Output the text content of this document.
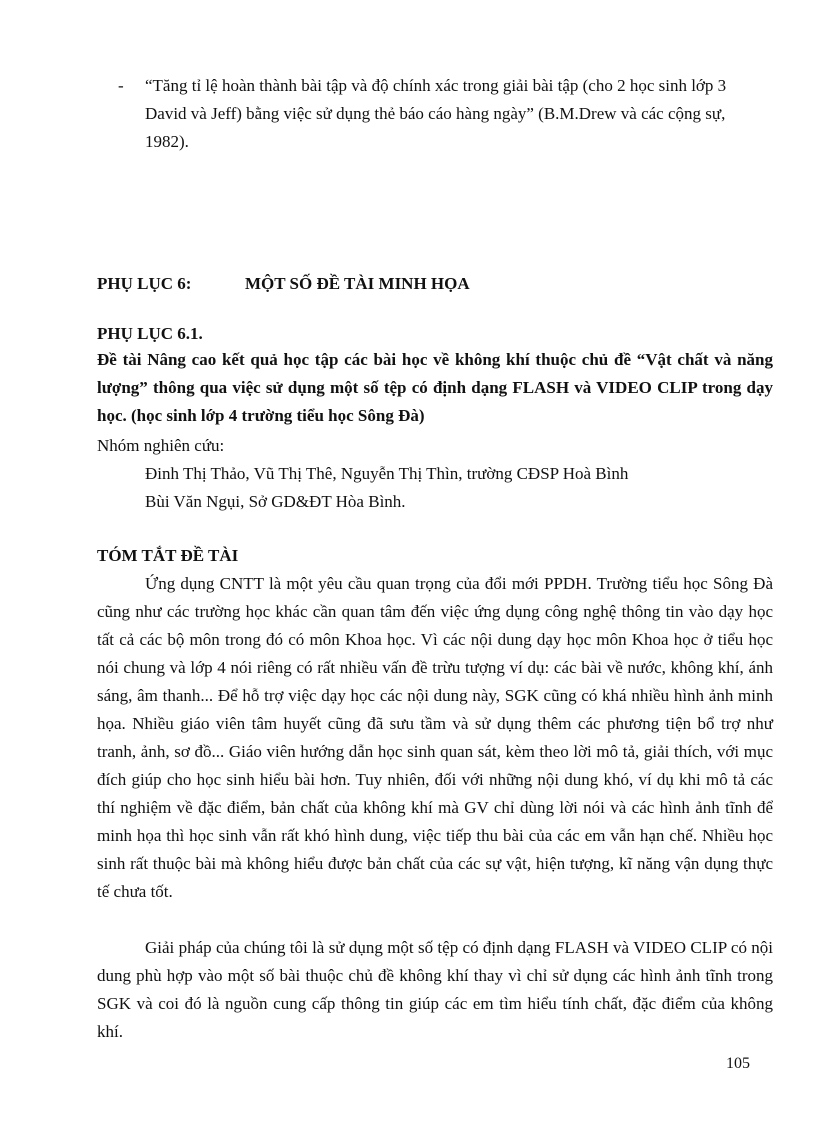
- “Tăng tỉ lệ hoàn thành bài tập và độ chính xác trong giải bài tập (cho 2 học sinh lớp 3 David và Jeff) bằng việc sử dụng thẻ báo cáo hàng ngày” (B.M.Drew và các cộng sự, 1982).
PHỤ LỤC 6:	MỘT SỐ ĐỀ TÀI MINH HỌA
PHỤ LỤC 6.1.
Đề tài Nâng cao kết quả học tập các bài học về không khí thuộc chủ đề “Vật chất và năng lượng” thông qua việc sử dụng một số tệp có định dạng FLASH và VIDEO CLIP trong dạy học. (học sinh lớp 4 trường tiểu học Sông Đà)
Nhóm nghiên cứu:
Đinh Thị Thảo, Vũ Thị Thê, Nguyễn Thị Thìn, trường CĐSP Hoà Bình
Bùi Văn Ngụi, Sở GD&ĐT Hòa Bình.
TÓM TẮT ĐỀ TÀI
Ứng dụng CNTT là một yêu cầu quan trọng của đổi mới PPDH. Trường tiểu học Sông Đà cũng như các trường học khác cần quan tâm đến việc ứng dụng công nghệ thông tin vào dạy học tất cả các bộ môn trong đó có môn Khoa học. Vì các nội dung dạy học môn Khoa học ở tiểu học nói chung và lớp 4 nói riêng có rất nhiều vấn đề trừu tượng ví dụ: các bài về nước, không khí, ánh sáng, âm thanh... Để hỗ trợ việc dạy học các nội dung này, SGK cũng có khá nhiều hình ảnh minh họa. Nhiều giáo viên tâm huyết cũng đã sưu tầm và sử dụng thêm các phương tiện bổ trợ như tranh, ảnh, sơ đồ... Giáo viên hướng dẫn học sinh quan sát, kèm theo lời mô tả, giải thích, với mục đích giúp cho học sinh hiểu bài hơn. Tuy nhiên, đối với những nội dung khó, ví dụ khi mô tả các thí nghiệm về đặc điểm, bản chất của không khí mà GV chỉ dùng lời nói và các hình ảnh tĩnh để minh họa thì học sinh vẫn rất khó hình dung, việc tiếp thu bài của các em vẫn hạn chế. Nhiều học sinh rất thuộc bài mà không hiểu được bản chất của các sự vật, hiện tượng, kĩ năng vận dụng thực tế chưa tốt.
Giải pháp của chúng tôi là sử dụng một số tệp có định dạng FLASH và VIDEO CLIP có nội dung phù hợp vào một số bài thuộc chủ đề không khí thay vì chỉ sử dụng các hình ảnh tĩnh trong SGK và coi đó là nguồn cung cấp thông tin giúp các em tìm hiểu tính chất, đặc điểm của không khí.
105
